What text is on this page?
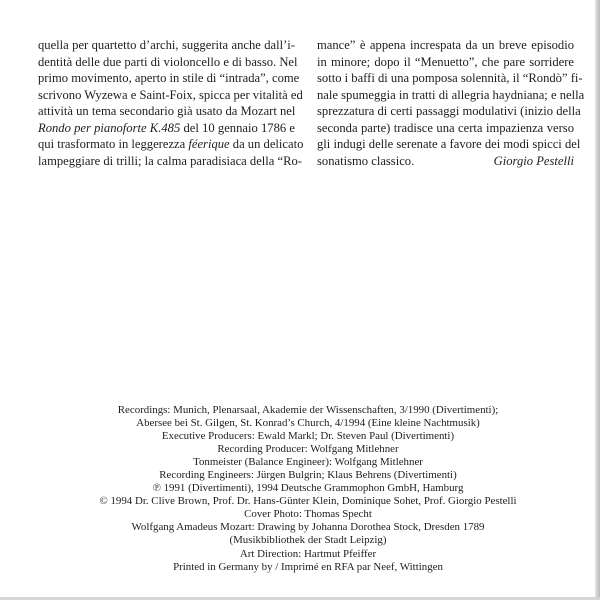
quella per quartetto d’archi, suggerita anche dall’i-
dentità delle due parti di violoncello e di basso. Nel
primo movimento, aperto in stile di “intrada”, come
scrivono Wyzewa e Saint-Foix, spicca per vitalità ed
attività un tema secondario già usato da Mozart nel
Rondo per pianoforte K.485 del 10 gennaio 1786 e
qui trasformato in leggerezza féerique da un delicato
lampeggiare di trilli; la calma paradisiaca della “Ro-
mance” è appena increspata da un breve episodio
in minore; dopo il “Menuetto”, che pare sorridere
sotto i baffi di una pomposa solennità, il “Rondò” fi-
nale spumeggia in tratti di allegria haydniana; e nella
sprezzatura di certi passaggi modulativi (inizio della
seconda parte) tradisce una certa impazienza verso
gli indugi delle serenate a favore dei modi spicci del
sonatismo classico.	Giorgio Pestelli
Recordings: Munich, Plenarsaal, Akademie der Wissenschaften, 3/1990 (Divertimenti);
Abersee bei St. Gilgen, St. Konrad’s Church, 4/1994 (Eine kleine Nachtmusik)
Executive Producers: Ewald Markl; Dr. Steven Paul (Divertimenti)
Recording Producer: Wolfgang Mitlehner
Tonmeister (Balance Engineer): Wolfgang Mitlehner
Recording Engineers: Jürgen Bulgrin; Klaus Behrens (Divertimenti)
℗ 1991 (Divertimenti), 1994 Deutsche Grammophon GmbH, Hamburg
© 1994 Dr. Clive Brown, Prof. Dr. Hans-Günter Klein, Dominique Sohet, Prof. Giorgio Pestelli
Cover Photo: Thomas Specht
Wolfgang Amadeus Mozart: Drawing by Johanna Dorothea Stock, Dresden 1789
(Musikbibliothek der Stadt Leipzig)
Art Direction: Hartmut Pfeiffer
Printed in Germany by / Imprimé en RFA par Neef, Wittingen
